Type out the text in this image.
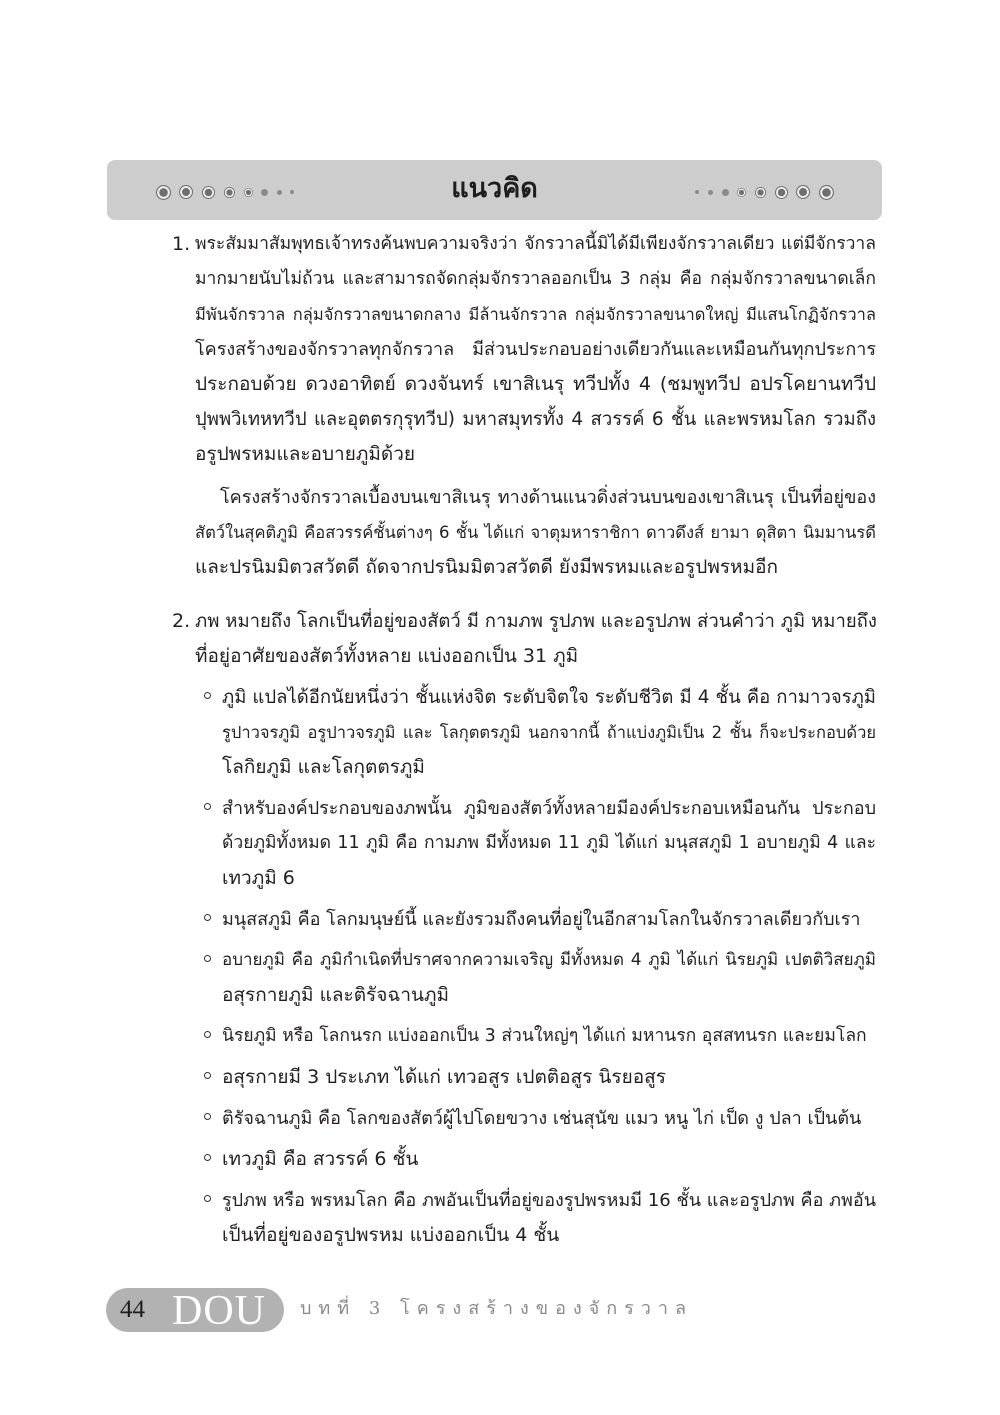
แนวคิด
1. พระสัมมาสัมพุทธเจ้าทรงค้นพบความจริงว่า จักรวาลนี้มิได้มีเพียงจักรวาลเดียว แต่มีจักรวาล
มากมายนับไม่ถ้วน และสามารถจัดกลุ่มจักรวาลออกเป็น 3 กลุ่ม คือ กลุ่มจักรวาลขนาดเล็ก
มีพันจักรวาล กลุ่มจักรวาลขนาดกลาง มีล้านจักรวาล กลุ่มจักรวาลขนาดใหญ่ มีแสนโกฏิจักรวาล
โครงสร้างของจักรวาลทุกจักรวาล มีส่วนประกอบอย่างเดียวกันและเหมือนกันทุกประการ
ประกอบด้วย ดวงอาทิตย์ ดวงจันทร์ เขาสิเนรุ ทวีปทั้ง 4 (ชมพูทวีป อปรโคยานทวีป
ปุพพวิเทหทวีป และอุตตรกุรุทวีป) มหาสมุทรทั้ง 4 สวรรค์ 6 ชั้น และพรหมโลก รวมถึง
อรูปพรหมและอบายภูมิด้วย
โครงสร้างจักรวาลเบื้องบนเขาสิเนรุ ทางด้านแนวดิ่งส่วนบนของเขาสิเนรุ เป็นที่อยู่ของ
สัตว์ในสุคติภูมิ คือสวรรค์ชั้นต่างๆ 6 ชั้น ได้แก่ จาตุมหาราชิกา ดาวดึงส์ ยามา ดุสิตา นิมมานรดี
และปรนิมมิตวสวัตดี ถัดจากปรนิมมิตวสวัตดี ยังมีพรหมและอรูปพรหมอีก
2. ภพ หมายถึง โลกเป็นที่อยู่ของสัตว์ มี กามภพ รูปภพ และอรูปภพ ส่วนคำว่า ภูมิ หมายถึง
ที่อยู่อาศัยของสัตว์ทั้งหลาย แบ่งออกเป็น 31 ภูมิ
ภูมิ แปลได้อีกนัยหนึ่งว่า ชั้นแห่งจิต ระดับจิตใจ ระดับชีวิต มี 4 ชั้น คือ กามาวจรภูมิ
รูปาวจรภูมิ อรูปาวจรภูมิ และ โลกุตตรภูมิ นอกจากนี้ ถ้าแบ่งภูมิเป็น 2 ชั้น ก็จะประกอบด้วย
โลกิยภูมิ และโลกุตตรภูมิ
สำหรับองค์ประกอบของภพนั้น ภูมิของสัตว์ทั้งหลายมีองค์ประกอบเหมือนกัน ประกอบ
ด้วยภูมิทั้งหมด 11 ภูมิ คือ กามภพ มีทั้งหมด 11 ภูมิ ได้แก่ มนุสสภูมิ 1 อบายภูมิ 4 และ
เทวภูมิ 6
มนุสสภูมิ คือ โลกมนุษย์นี้ และยังรวมถึงคนที่อยู่ในอีกสามโลกในจักรวาลเดียวกับเรา
อบายภูมิ คือ ภูมิกำเนิดที่ปราศจากความเจริญ มีทั้งหมด 4 ภูมิ ได้แก่ นิรยภูมิ เปตติวิสยภูมิ
อสุรกายภูมิ และติรัจฉานภูมิ
นิรยภูมิ หรือ โลกนรก แบ่งออกเป็น 3 ส่วนใหญ่ๆ ได้แก่ มหานรก อุสสทนรก และยมโลก
อสุรกายมี 3 ประเภท ได้แก่ เทวอสูร เปตติอสูร นิรยอสูร
ติรัจฉานภูมิ คือ โลกของสัตว์ผู้ไปโดยขวาง เช่นสุนัข แมว หนู ไก่ เป็ด งู ปลา เป็นต้น
เทวภูมิ คือ สวรรค์ 6 ชั้น
รูปภพ หรือ พรหมโลก คือ ภพอันเป็นที่อยู่ของรูปพรหมมี 16 ชั้น และอรูปภพ คือ ภพอัน
เป็นที่อยู่ของอรูปพรหม แบ่งออกเป็น 4 ชั้น
44 DOU บทที่ 3 โครงสร้างของจักรวาล
